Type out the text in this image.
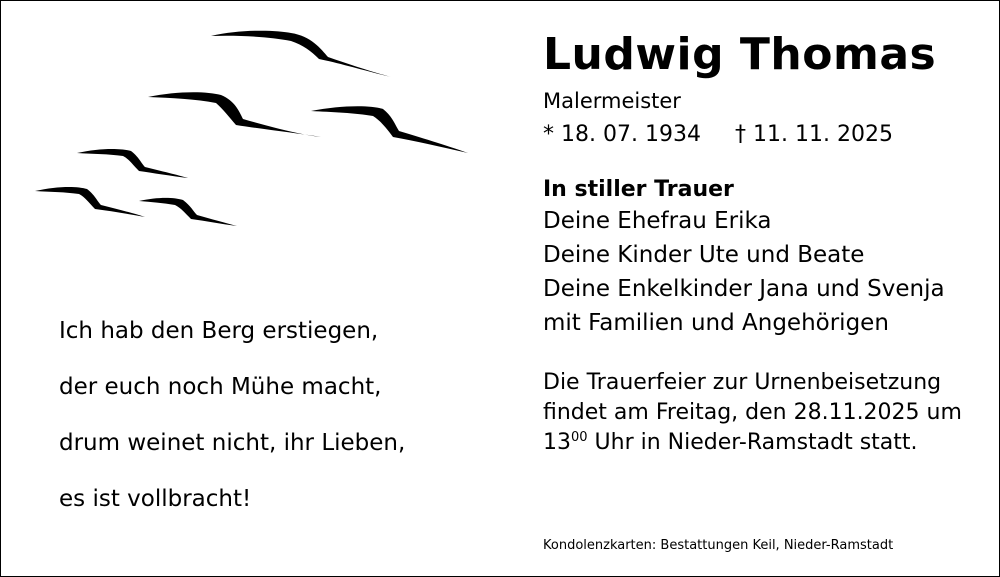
Ich hab den Berg erstiegen,
der euch noch Mühe macht,
drum weinet nicht, ihr Lieben,
es ist vollbracht!
Ludwig Thomas
Malermeister
* 18. 07. 1934 † 11. 11. 2025
In stiller Trauer
Deine Ehefrau Erika
Deine Kinder Ute und Beate
Deine Enkelkinder Jana und Svenja
mit Familien und Angehörigen
Die Trauerfeier zur Urnenbeisetzung
findet am Freitag, den 28.11.2025 um
$13^{00}$ Uhr in Nieder-Ramstadt statt.
Kondolenzkarten: Bestattungen Keil, Nieder-Ramstadt
